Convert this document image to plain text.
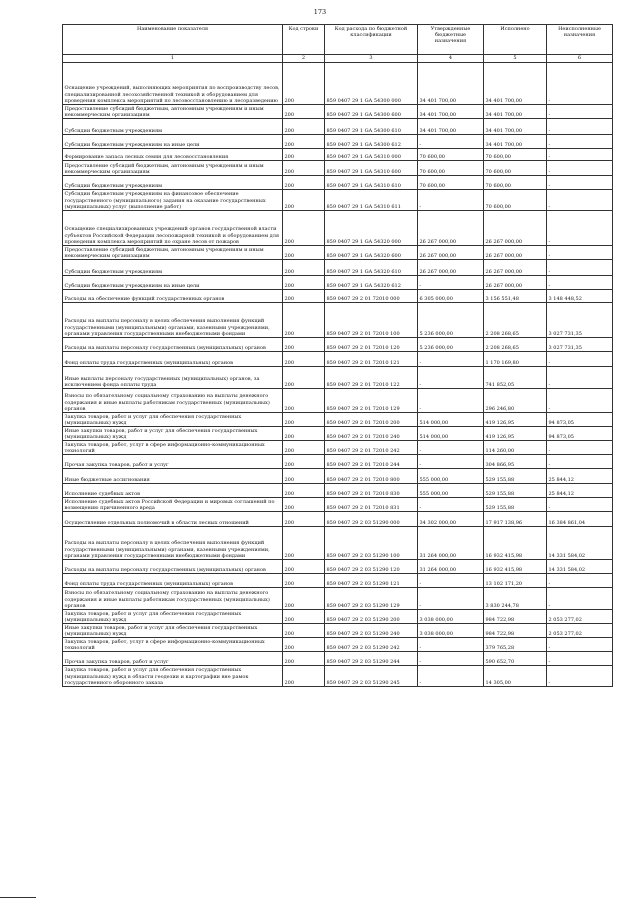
173
Наименование показателя	Код строки	Код расхода по бюджетной классификации	Утвержденные бюджетные назначения	Исполнено	Неисполненные назначения
1	2	3	4	5	6
Оснащение учреждений, выполняющих мероприятия по воспроизводству лесов, специализированной лесохозяйственной техникой и оборудованием для проведения комплекса мероприятий по лесовосстановлению и лесоразведению	200	859 0407 29 1 GA 54300 000	34 401 700,00	34 401 700,00	-
Предоставление субсидий бюджетным, автономным учреждениям и иным некоммерческим организациям	200	859 0407 29 1 GA 54300 600	34 401 700,00	34 401 700,00	-
Субсидии бюджетным учреждениям	200	859 0407 29 1 GA 54300 610	34 401 700,00	34 401 700,00	-
Субсидии бюджетным учреждениям на иные цели	200	859 0407 29 1 GA 54300 612	-	34 401 700,00	-
Формирование запаса лесных семян для лесовосстановления	200	859 0407 29 1 GA 54310 000	70 600,00	70 600,00	-
Предоставление субсидий бюджетным, автономным учреждениям и иным некоммерческим организациям	200	859 0407 29 1 GA 54310 600	70 600,00	70 600,00	-
Субсидии бюджетным учреждениям	200	859 0407 29 1 GA 54310 610	70 600,00	70 600,00	-
Субсидии бюджетным учреждениям на финансовое обеспечение государственного (муниципального) задания на оказание государственных (муниципальных) услуг (выполнение работ)	200	859 0407 29 1 GA 54310 611	-	70 600,00	-
Оснащение специализированных учреждений органов государственной власти субъектов Российской Федерации лесопожарной техникой и оборудованием для проведения комплекса мероприятий по охране лесов от пожаров	200	859 0407 29 1 GA 54320 000	26 267 000,00	26 267 000,00	-
Предоставление субсидий бюджетным, автономным учреждениям и иным некоммерческим организациям	200	859 0407 29 1 GA 54320 600	26 267 000,00	26 267 000,00	-
Субсидии бюджетным учреждениям	200	859 0407 29 1 GA 54320 610	26 267 000,00	26 267 000,00	-
Субсидии бюджетным учреждениям на иные цели	200	859 0407 29 1 GA 54320 612	-	26 267 000,00	-
Расходы на обеспечение функций государственных органов	200	859 0407 29 2 01 72010 000	6 305 000,00	3 156 551,48	3 148 448,52
Расходы на выплаты персоналу в целях обеспечения выполнения функций государственными (муниципальными) органами, казенными учреждениями, органами управления государственными внебюджетными фондами	200	859 0407 29 2 01 72010 100	5 236 000,00	2 208 268,65	3 027 731,35
Расходы на выплаты персоналу государственных (муниципальных) органов	200	859 0407 29 2 01 72010 120	5 236 000,00	2 208 268,65	3 027 731,35
Фонд оплаты труда государственных (муниципальных) органов	200	859 0407 29 2 01 72010 121	-	1 170 169,80	-
Иные выплаты персоналу государственных (муниципальных) органов, за исключением фонда оплаты труда	200	859 0407 29 2 01 72010 122	-	741 852,05	-
Взносы по обязательному социальному страхованию на выплаты денежного содержания и иные выплаты работникам государственных (муниципальных) органов	200	859 0407 29 2 01 72010 129	-	296 246,80	-
Закупка товаров, работ и услуг для обеспечения государственных (муниципальных) нужд	200	859 0407 29 2 01 72010 200	514 000,00	419 126,95	94 873,05
Иные закупки товаров, работ и услуг для обеспечения государственных (муниципальных) нужд	200	859 0407 29 2 01 72010 240	514 000,00	419 126,95	94 873,05
Закупка товаров, работ, услуг в сфере информационно-коммуникационных технологий	200	859 0407 29 2 01 72010 242	-	114 260,00	-
Прочая закупка товаров, работ и услуг	200	859 0407 29 2 01 72010 244	-	304 866,95	-
Иные бюджетные ассигнования	200	859 0407 29 2 01 72010 800	555 000,00	529 155,88	25 844,12
Исполнение судебных актов	200	859 0407 29 2 01 72010 830	555 000,00	529 155,88	25 844,12
Исполнение судебных актов Российской Федерации и мировых соглашений по возмещению причиненного вреда	200	859 0407 29 2 01 72010 831	-	529 155,88	-
Осуществление отдельных полномочий в области лесных отношений	200	859 0407 29 2 03 51290 000	34 302 000,00	17 917 138,96	16 384 861,04
Расходы на выплаты персоналу в целях обеспечения выполнения функций государственными (муниципальными) органами, казенными учреждениями, органами управления государственными внебюджетными фондами	200	859 0407 29 2 03 51290 100	31 264 000,00	16 932 415,98	14 331 584,02
Расходы на выплаты персоналу государственных (муниципальных) органов	200	859 0407 29 2 03 51290 120	31 264 000,00	16 932 415,98	14 331 584,02
Фонд оплаты труда государственных (муниципальных) органов	200	859 0407 29 2 03 51290 121	-	13 102 171,20	-
Взносы по обязательному социальному страхованию на выплаты денежного содержания и иные выплаты работникам государственных (муниципальных) органов	200	859 0407 29 2 03 51290 129	-	3 830 244,78	-
Закупка товаров, работ и услуг для обеспечения государственных (муниципальных) нужд	200	859 0407 29 2 03 51290 200	3 038 000,00	984 722,98	2 053 277,02
Иные закупки товаров, работ и услуг для обеспечения государственных (муниципальных) нужд	200	859 0407 29 2 03 51290 240	3 038 000,00	984 722,98	2 053 277,02
Закупка товаров, работ, услуг в сфере информационно-коммуникационных технологий	200	859 0407 29 2 03 51290 242	-	379 765,28	-
Прочая закупка товаров, работ и услуг	200	859 0407 29 2 03 51290 244	-	590 652,70	-
Закупка товаров, работ и услуг для обеспечения государственных (муниципальных) нужд в области геодезии и картографии вне рамок государственного оборонного заказа	200	859 0407 29 2 03 51290 245	-	14 305,00	-
